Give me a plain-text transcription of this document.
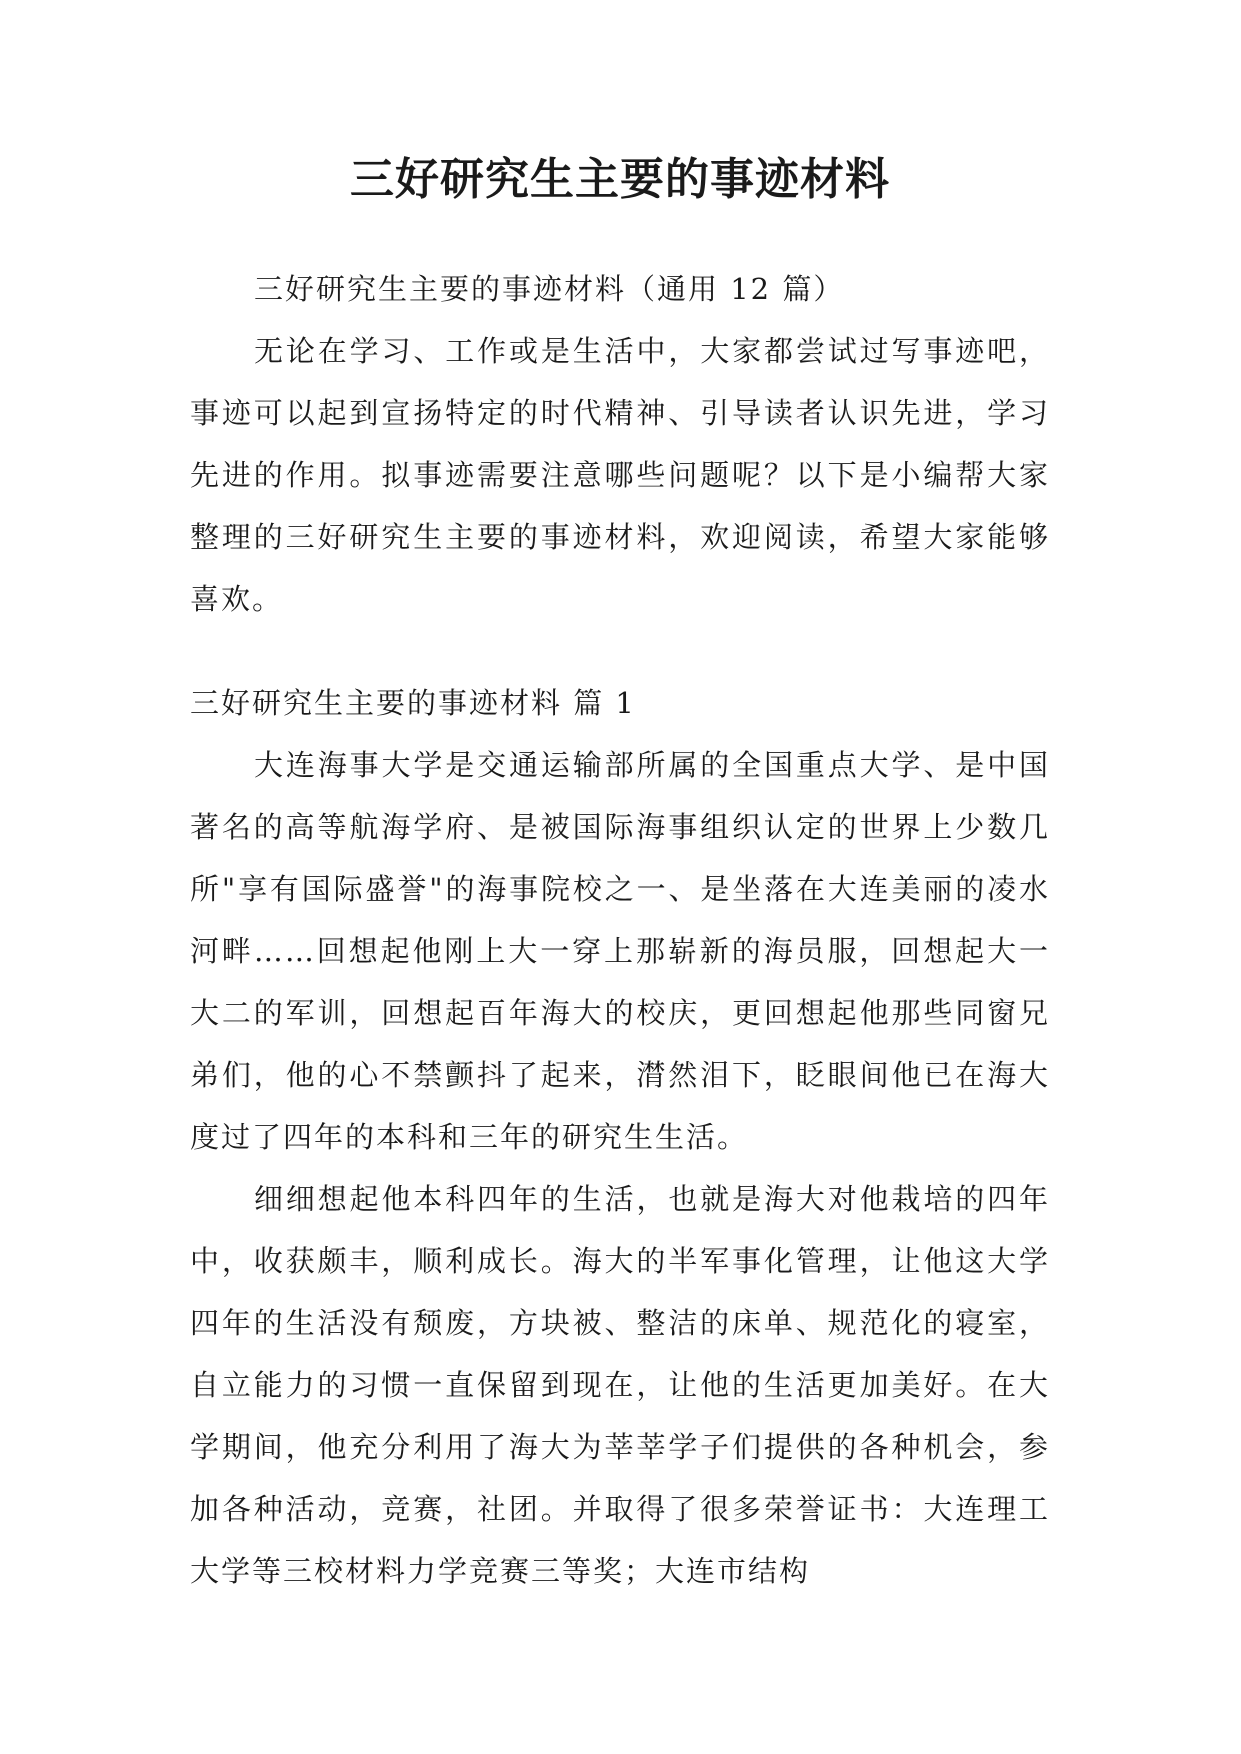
三好研究生主要的事迹材料

三好研究生主要的事迹材料（通用 12 篇）

无论在学习、工作或是生活中，大家都尝试过写事迹吧，事迹可以起到宣扬特定的时代精神、引导读者认识先进，学习先进的作用。拟事迹需要注意哪些问题呢？以下是小编帮大家整理的三好研究生主要的事迹材料，欢迎阅读，希望大家能够喜欢。

三好研究生主要的事迹材料 篇 1

大连海事大学是交通运输部所属的全国重点大学、是中国著名的高等航海学府、是被国际海事组织认定的世界上少数几所"享有国际盛誉"的海事院校之一、是坐落在大连美丽的凌水河畔……回想起他刚上大一穿上那崭新的海员服，回想起大一大二的军训，回想起百年海大的校庆，更回想起他那些同窗兄弟们，他的心不禁颤抖了起来，潸然泪下，眨眼间他已在海大度过了四年的本科和三年的研究生生活。

细细想起他本科四年的生活，也就是海大对他栽培的四年中，收获颇丰，顺利成长。海大的半军事化管理，让他这大学四年的生活没有颓废，方块被、整洁的床单、规范化的寝室，自立能力的习惯一直保留到现在，让他的生活更加美好。在大学期间，他充分利用了海大为莘莘学子们提供的各种机会，参加各种活动，竞赛，社团。并取得了很多荣誉证书：大连理工大学等三校材料力学竞赛三等奖；大连市结构
